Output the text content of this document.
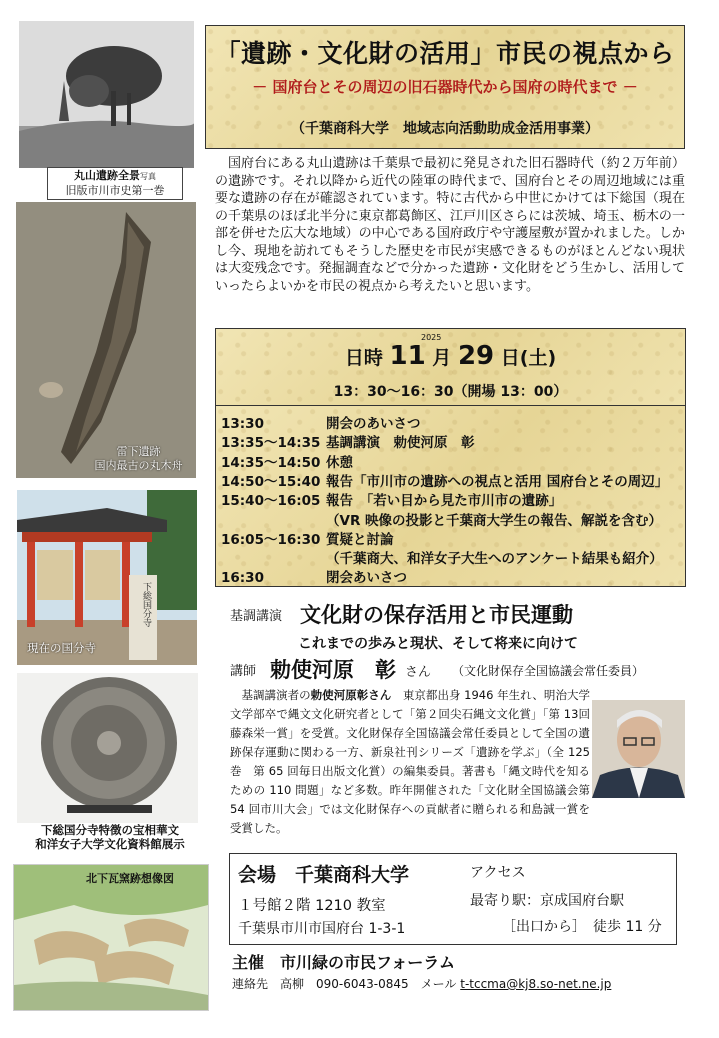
丸山遺跡全景写真
旧版市川市史第一巻
雷下遺跡
国内最古の丸木舟
下総国分寺
現在の国分寺
下総国分寺特徴の宝相華文
和洋女子大学文化資料館展示
北下瓦窯跡想像図
「遺跡・文化財の活用」市民の視点から
－ 国府台とその周辺の旧石器時代から国府の時代まで －
（千葉商科大学　地域志向活動助成金活用事業）
国府台にある丸山遺跡は千葉県で最初に発見された旧石器時代（約２万年前）の遺跡です。それ以降から近代の陸軍の時代まで、国府台とその周辺地域には重要な遺跡の存在が確認されています。特に古代から中世にかけては下総国（現在の千葉県のほぼ北半分に東京都葛飾区、江戸川区さらには茨城、埼玉、栃木の一部を併せた広大な地域）の中心である国府政庁や守護屋敷が置かれました。しかし今、現地を訪れてもそうした歴史を市民が実感できるものがほとんどない現状は大変残念です。発掘調査などで分かった遺跡・文化財をどう生かし、活用していったらよいかを市民の視点から考えたいと思います。
2025
日時 11 月 29 日(土)
13：30〜16：30（開場 13：00）
13:30	開会のあいさつ
13:35〜14:35 基調講演　勅使河原　彰
14:35〜14:50 休憩
14:50〜15:40 報告「市川市の遺跡への視点と活用 国府台とその周辺」
15:40〜16:05 報告　「若い目から見た市川市の遺跡」
（VR 映像の投影と千葉商大学生の報告、解説を含む）
16:05〜16:30 質疑と討論
（千葉商大、和洋女子大生へのアンケート結果も紹介）
16:30	閉会あいさつ
基調講演 文化財の保存活用と市民運動
これまでの歩みと現状、そして将来に向けて
講師 勅使河原　彰 さん （文化財保存全国協議会常任委員）
基調講演者の勅使河原彰さん　東京都出身 1946 年生れ、明治大学文学部卒で縄文文化研究者として「第２回尖石縄文文化賞」「第 13回藤森栄一賞」を受賞。文化財保存全国協議会常任委員として全国の遺跡保存運動に関わる一方、新泉社刊シリーズ「遺跡を学ぶ」（全 125 巻　第 65 回毎日出版文化賞）の編集委員。著書も「縄文時代を知るための 110 問題」など多数。昨年開催された「文化財全国協議会第 54 回市川大会」では文化財保存への貢献者に贈られる和島誠一賞を受賞した。
会場　千葉商科大学
１号館２階 1210 教室
千葉県市川市国府台 1-3-1
アクセス
最寄り駅：京成国府台駅
［出口から］　徒歩 11 分
主催　市川緑の市民フォーラム
連絡先　高柳　090-6043-0845　メール t-tccma@kj8.so-net.ne.jp
